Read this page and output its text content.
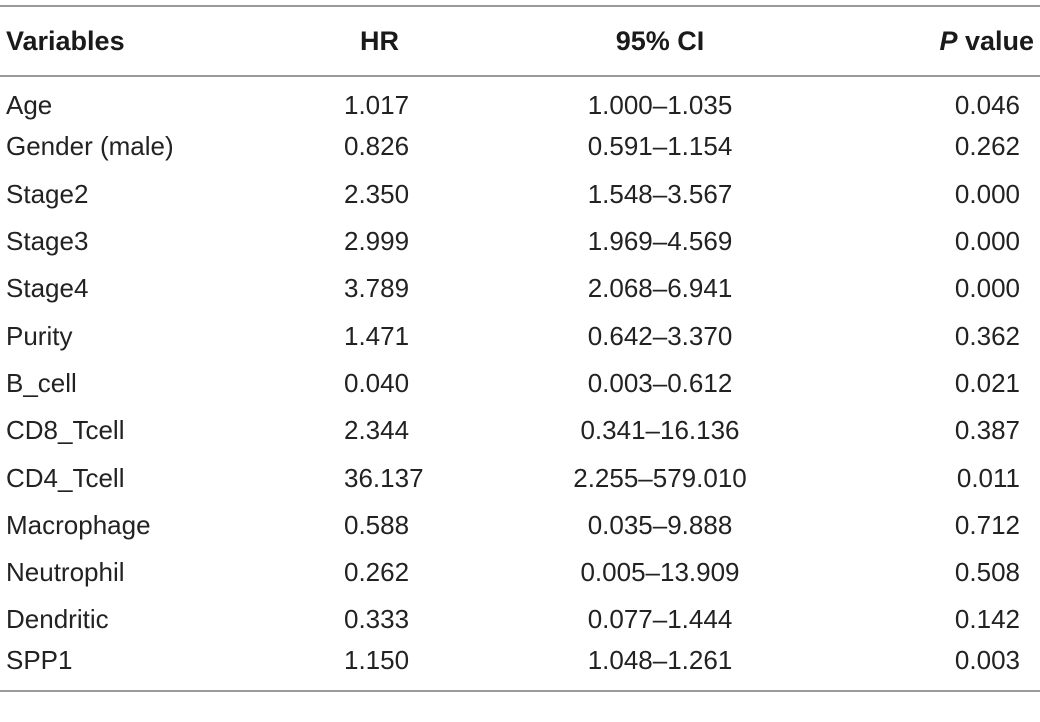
Variables	HR	95% CI	P value
Age	1.017	1.000–1.035	0.046
Gender (male)	0.826	0.591–1.154	0.262
Stage2	2.350	1.548–3.567	0.000
Stage3	2.999	1.969–4.569	0.000
Stage4	3.789	2.068–6.941	0.000
Purity	1.471	0.642–3.370	0.362
B_cell	0.040	0.003–0.612	0.021
CD8_Tcell	2.344	0.341–16.136	0.387
CD4_Tcell	36.137	2.255–579.010	0.011
Macrophage	0.588	0.035–9.888	0.712
Neutrophil	0.262	0.005–13.909	0.508
Dendritic	0.333	0.077–1.444	0.142
SPP1	1.150	1.048–1.261	0.003
